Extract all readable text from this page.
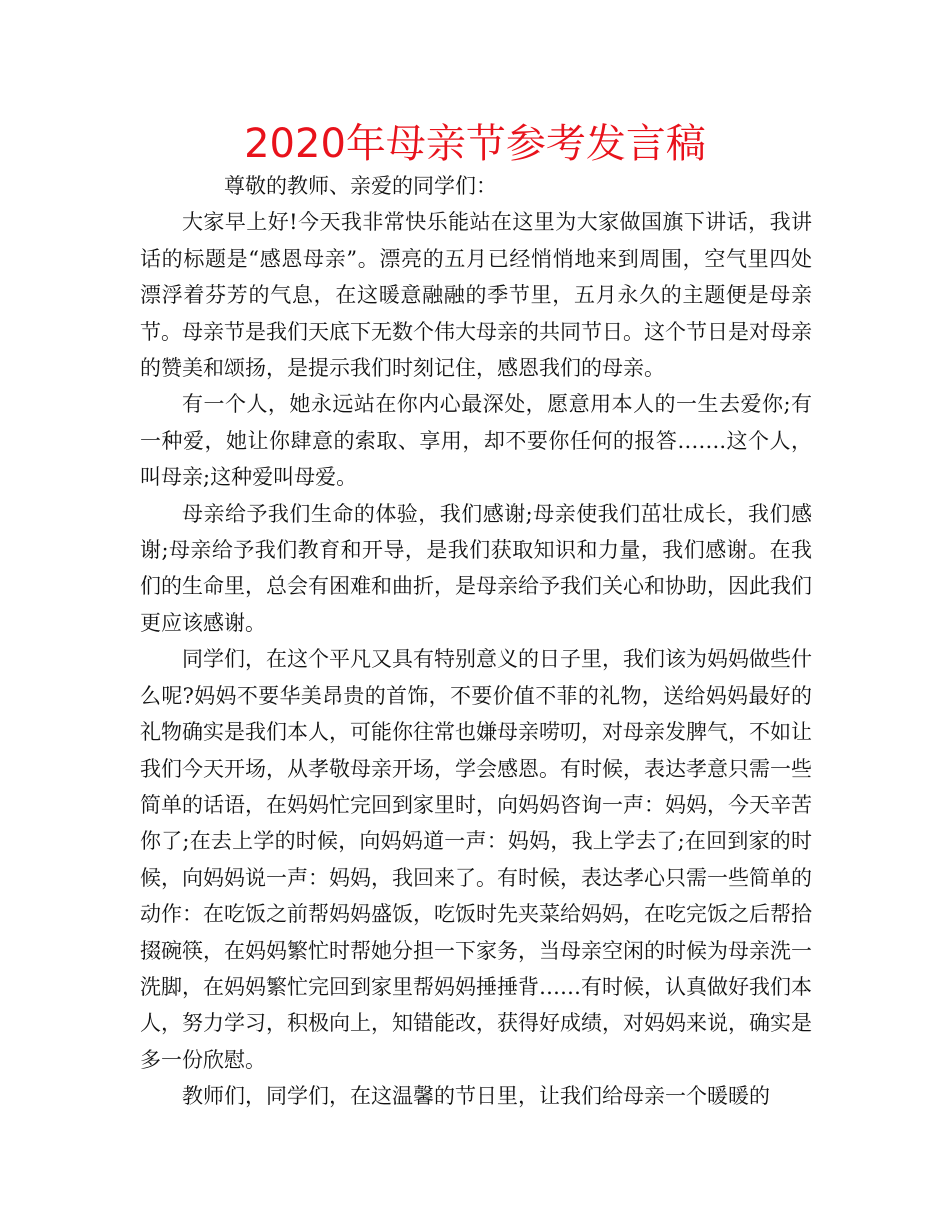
2020年母亲节参考发言稿

尊敬的教师、亲爱的同学们：

大家早上好!今天我非常快乐能站在这里为大家做国旗下讲话，我讲话的标题是“感恩母亲”。漂亮的五月已经悄悄地来到周围，空气里四处漂浮着芬芳的气息，在这暖意融融的季节里，五月永久的主题便是母亲节。母亲节是我们天底下无数个伟大母亲的共同节日。这个节日是对母亲的赞美和颂扬，是提示我们时刻记住，感恩我们的母亲。

有一个人，她永远站在你内心最深处，愿意用本人的一生去爱你;有一种爱，她让你肆意的索取、享用，却不要你任何的报答…….这个人，叫母亲;这种爱叫母爱。

母亲给予我们生命的体验，我们感谢;母亲使我们茁壮成长，我们感谢;母亲给予我们教育和开导，是我们获取知识和力量，我们感谢。在我们的生命里，总会有困难和曲折，是母亲给予我们关心和协助，因此我们更应该感谢。

同学们，在这个平凡又具有特别意义的日子里，我们该为妈妈做些什么呢?妈妈不要华美昂贵的首饰，不要价值不菲的礼物，送给妈妈最好的礼物确实是我们本人，可能你往常也嫌母亲唠叨，对母亲发脾气，不如让我们今天开场，从孝敬母亲开场，学会感恩。有时候，表达孝意只需一些简单的话语，在妈妈忙完回到家里时，向妈妈咨询一声：妈妈，今天辛苦你了;在去上学的时候，向妈妈道一声：妈妈，我上学去了;在回到家的时候，向妈妈说一声：妈妈，我回来了。有时候，表达孝心只需一些简单的动作：在吃饭之前帮妈妈盛饭，吃饭时先夹菜给妈妈，在吃完饭之后帮拾掇碗筷，在妈妈繁忙时帮她分担一下家务，当母亲空闲的时候为母亲洗一洗脚，在妈妈繁忙完回到家里帮妈妈捶捶背……有时候，认真做好我们本人，努力学习，积极向上，知错能改，获得好成绩，对妈妈来说，确实是多一份欣慰。

教师们，同学们，在这温馨的节日里，让我们给母亲一个暖暖的
